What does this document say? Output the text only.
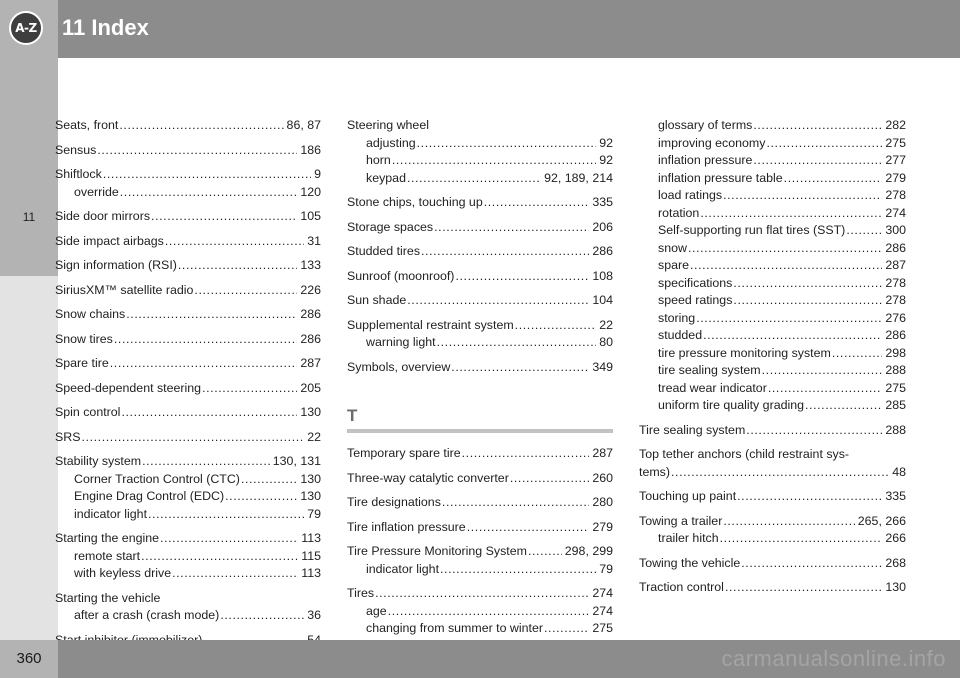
A-Z 11 Index
11
Seats, front .....	86, 87
Sensus .....	186
Shiftlock .....	9
override .....	120
Side door mirrors .....	105
Side impact airbags .....	31
Sign information (RSI) .....	133
SiriusXM™ satellite radio .....	226
Snow chains .....	286
Snow tires .....	286
Spare tire .....	287
Speed-dependent steering .....	205
Spin control .....	130
SRS .....	22
Stability system .....	130, 131
Corner Traction Control (CTC) .....	130
Engine Drag Control (EDC) .....	130
indicator light .....	79
Starting the engine .....	113
remote start .....	115
with keyless drive .....	113
Starting the vehicle
after a crash (crash mode) .....	36
.....
Steering wheel
adjusting .....	92
horn .....	92
keypad .....	92, 189, 214
Stone chips, touching up .....	335
Storage spaces .....	206
Studded tires .....	286
Sunroof (moonroof) .....	108
Sun shade .....	104
Supplemental restraint system .....	22
warning light .....	80
Symbols, overview .....	349
T
Temporary spare tire .....	287
Three-way catalytic converter .....	260
Tire designations .....	280
Tire inflation pressure .....	279
Tire Pressure Monitoring System .....	298, 299
indicator light .....	79
Tires .....	274
age .....	274
changing from summer to winter .....	275
glossary of terms .....	282
improving economy .....	275
inflation pressure .....	277
inflation pressure table .....	279
load ratings .....	278
rotation .....	274
Self-supporting run flat tires (SST) .....	300
snow .....	286
spare .....	287
specifications .....	278
speed ratings .....	278
storing .....	276
studded .....	286
tire pressure monitoring system .....	298
tire sealing system .....	288
tread wear indicator .....	275
uniform tire quality grading .....	285
Tire sealing system .....	288
Top tether anchors (child restraint sys-
tems) .....	48
Touching up paint .....	335
Towing a trailer .....	265, 266
trailer hitch .....	266
Towing the vehicle .....	268
Traction control .....	130
360	carmanualsonline.info
